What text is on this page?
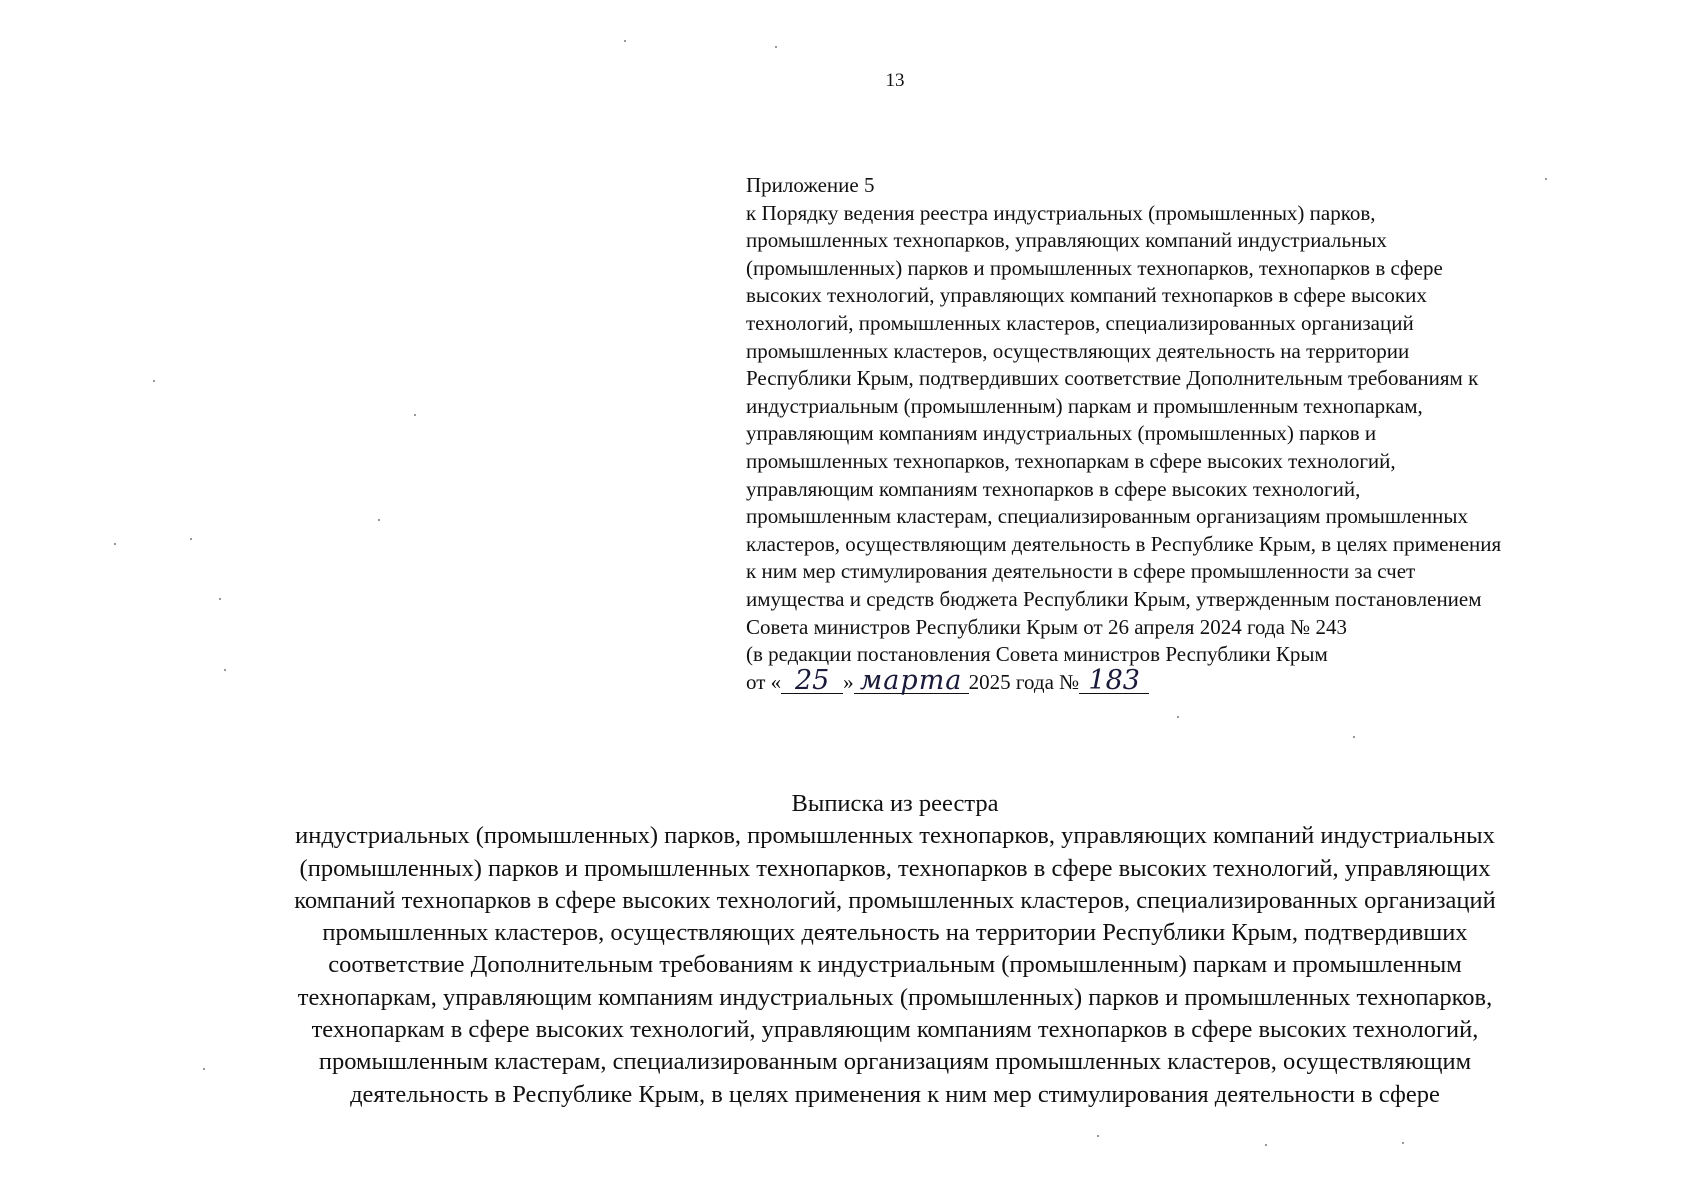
13
Приложение 5
к Порядку ведения реестра индустриальных (промышленных) парков,
промышленных технопарков, управляющих компаний индустриальных
(промышленных) парков и промышленных технопарков, технопарков в сфере
высоких технологий, управляющих компаний технопарков в сфере высоких
технологий, промышленных кластеров, специализированных организаций
промышленных кластеров, осуществляющих деятельность на территории
Республики Крым, подтвердивших соответствие Дополнительным требованиям к
индустриальным (промышленным) паркам и промышленным технопаркам,
управляющим компаниям индустриальных (промышленных) парков и
промышленных технопарков, технопаркам в сфере высоких технологий,
управляющим компаниям технопарков в сфере высоких технологий,
промышленным кластерам, специализированным организациям промышленных
кластеров, осуществляющим деятельность в Республике Крым, в целях применения
к ним мер стимулирования деятельности в сфере промышленности за счет
имущества и средств бюджета Республики Крым, утвержденным постановлением
Совета министров Республики Крым от 26 апреля 2024 года № 243
(в редакции постановления Совета министров Республики Крым
от « 25 » марта 2025 года № 183
Выписка из реестра
индустриальных (промышленных) парков, промышленных технопарков, управляющих компаний индустриальных
(промышленных) парков и промышленных технопарков, технопарков в сфере высоких технологий, управляющих
компаний технопарков в сфере высоких технологий, промышленных кластеров, специализированных организаций
промышленных кластеров, осуществляющих деятельность на территории Республики Крым, подтвердивших
соответствие Дополнительным требованиям к индустриальным (промышленным) паркам и промышленным
технопаркам, управляющим компаниям индустриальных (промышленных) парков и промышленных технопарков,
технопаркам в сфере высоких технологий, управляющим компаниям технопарков в сфере высоких технологий,
промышленным кластерам, специализированным организациям промышленных кластеров, осуществляющим
деятельность в Республике Крым, в целях применения к ним мер стимулирования деятельности в сфере
